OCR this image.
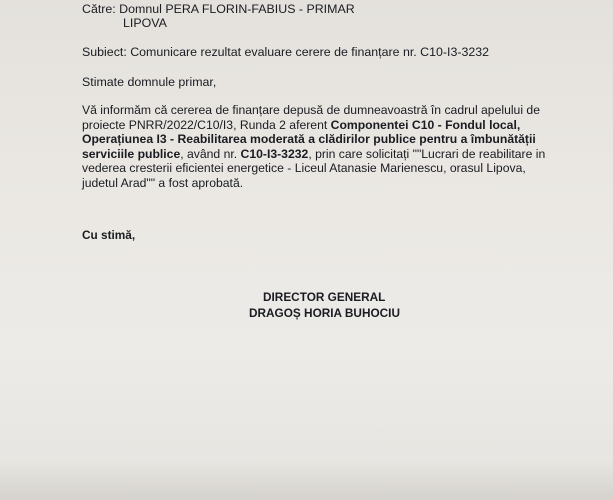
Către: Domnul PERA FLORIN-FABIUS - PRIMAR
LIPOVA
Subiect: Comunicare rezultat evaluare cerere de finanțare nr. C10-I3-3232
Stimate domnule primar,
Vă informăm că cererea de finanțare depusă de dumneavoastră în cadrul apelului de
proiecte PNRR/2022/C10/I3, Runda 2 aferent Componentei C10 - Fondul local,
Operațiunea I3 - Reabilitarea moderată a clădirilor publice pentru a îmbunătății
serviciile publice, având nr. C10-I3-3232, prin care solicitați ""Lucrari de reabilitare in
vederea cresterii eficientei energetice - Liceul Atanasie Marienescu, orasul Lipova,
judetul Arad"" a fost aprobată.
Cu stimă,
DIRECTOR GENERAL
DRAGOȘ HORIA BUHOCIU
